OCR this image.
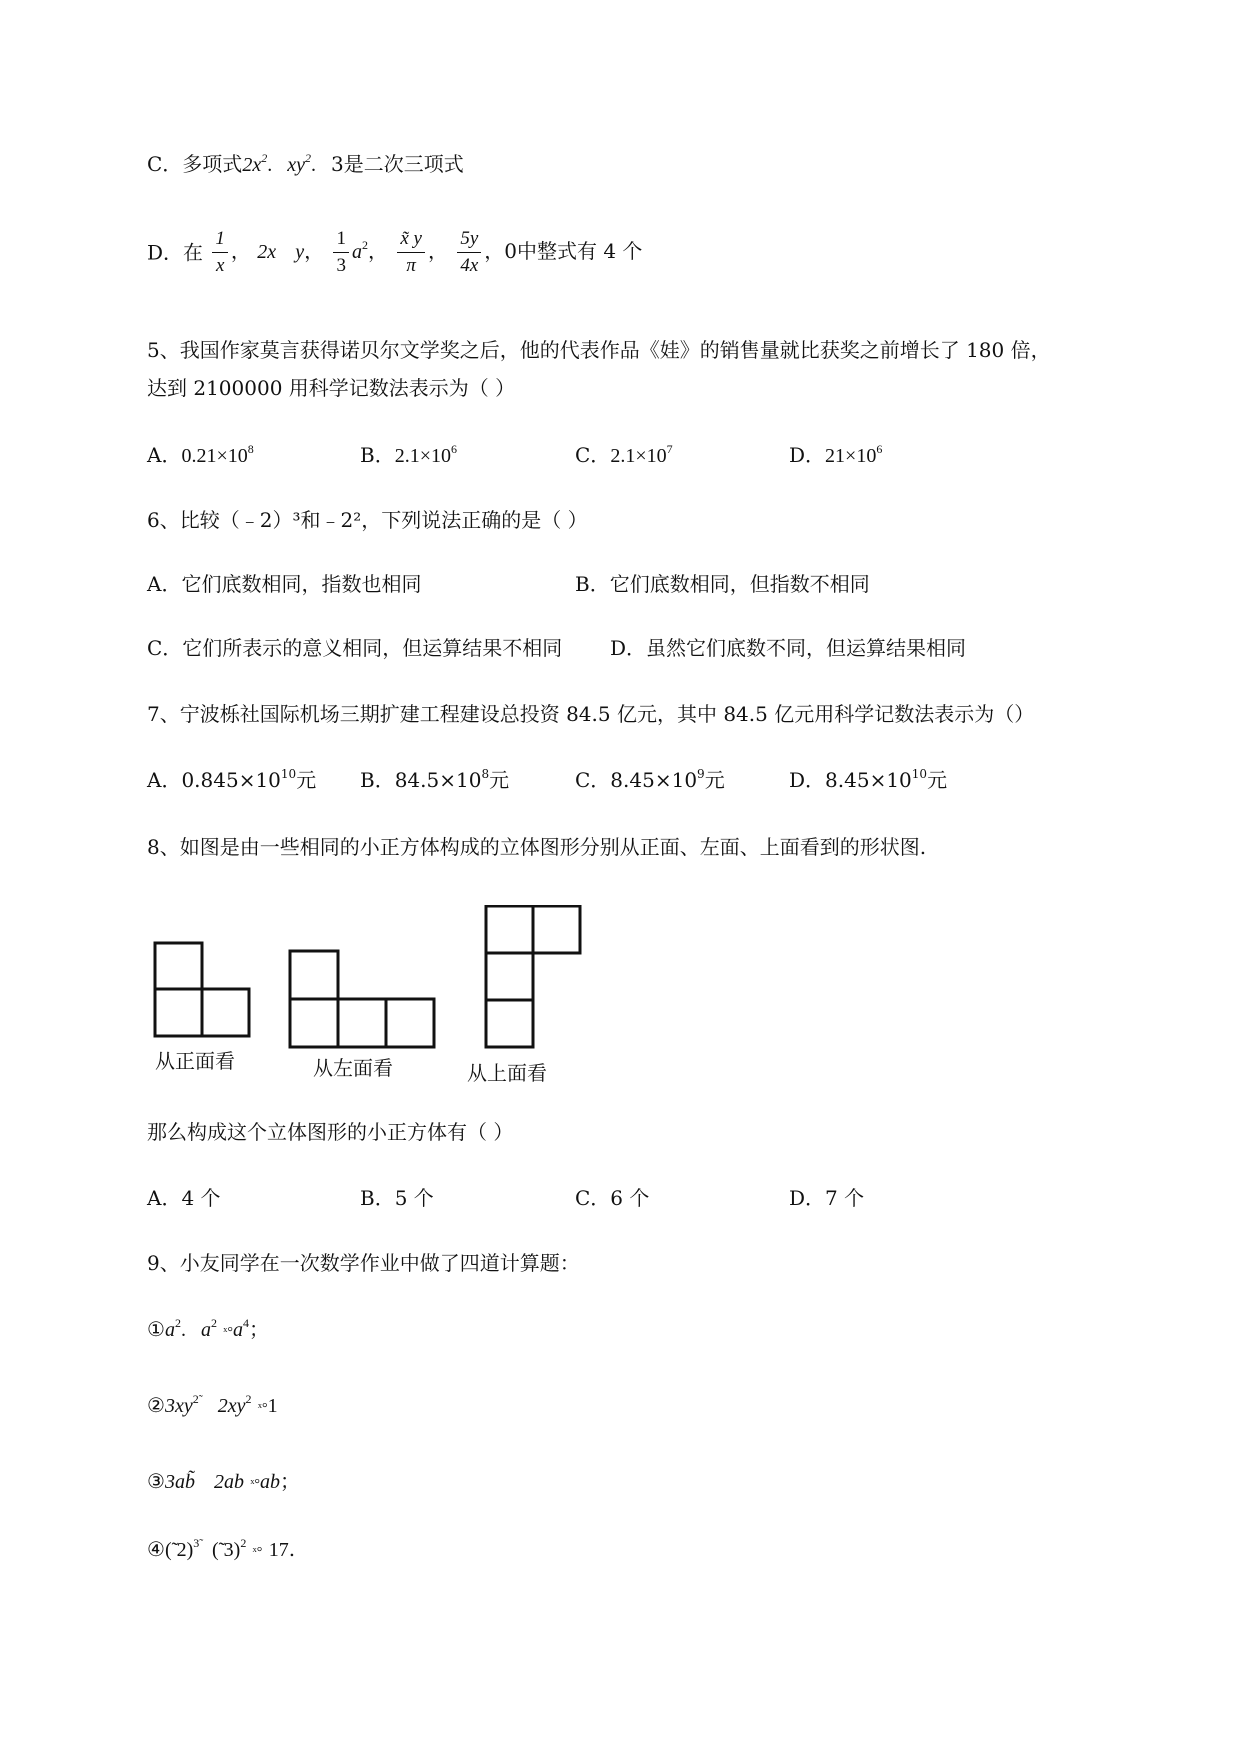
C．多项式$2x^2$.   $xy^2$.   3是二次三项式
D．在 $\frac{1}{x}$ ， 2x y， $\frac{1}{3} a^2$， $\frac{x̃ y}{\pi}$ ， $\frac{5y}{4x}$ ，0中整式有 4 个
5、我国作家莫言获得诺贝尔文学奖之后，他的代表作品《娃》的销售量就比获奖之前增长了 180 倍，
达到 2100000 用科学记数法表示为（ ）
A．$0.21\times 10^8$	B．$2.1\times 10^6$	C．$2.1\times 10^7$	D．$21\times 10^6$
6、比较（﹣2）³和﹣2²，下列说法正确的是（ ）
A．它们底数相同，指数也相同	B．它们底数相同，但指数不相同
C．它们所表示的意义相同，但运算结果不相同 D．虽然它们底数不同，但运算结果相同
7、宁波栎社国际机场三期扩建工程建设总投资 84.5 亿元，其中 84.5 亿元用科学记数法表示为（）
A．$0.845\times 10^{10}$元 B．$84.5\times 10^8$元	C．$8.45\times 10^9$元	D．$8.45\times 10^{10}$元
8、如图是由一些相同的小正方体构成的立体图形分别从正面、左面、上面看到的形状图.
从正面看	从左面看	从上面看
那么构成这个立体图形的小正方体有（ ）
A．4 个	B．5 个	C．6 个	D．7 个
9、小友同学在一次数学作业中做了四道计算题：
$①a^2$.   $a^2$ $ˣ^\circ a^4$；
$②3xy^{2̃}$ $2xy^2$ ˣ°1
③3ab̃ 2ab ˣ°ab；
④(̃ 2)$^{3̃}$ (̃ 3)$^2$ ˣ° 17.
